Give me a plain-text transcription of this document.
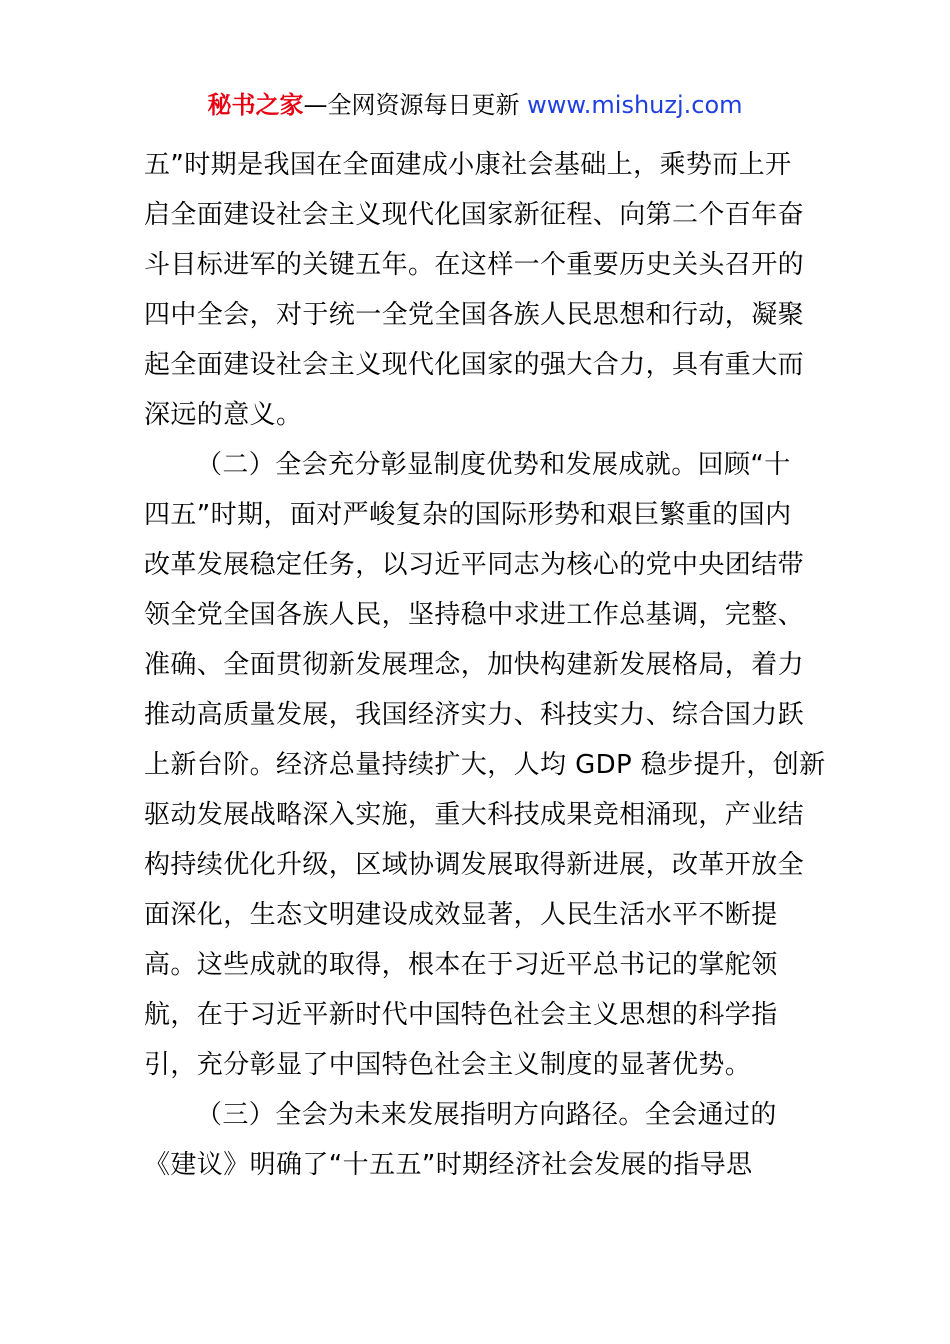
秘书之家—全网资源每日更新 www.mishuzj.com
五”时期是我国在全面建成小康社会基础上，乘势而上开
启全面建设社会主义现代化国家新征程、向第二个百年奋
斗目标进军的关键五年。在这样一个重要历史关头召开的
四中全会，对于统一全党全国各族人民思想和行动，凝聚
起全面建设社会主义现代化国家的强大合力，具有重大而
深远的意义。
（二）全会充分彰显制度优势和发展成就。回顾“十
四五”时期，面对严峻复杂的国际形势和艰巨繁重的国内
改革发展稳定任务，以习近平同志为核心的党中央团结带
领全党全国各族人民，坚持稳中求进工作总基调，完整、
准确、全面贯彻新发展理念，加快构建新发展格局，着力
推动高质量发展，我国经济实力、科技实力、综合国力跃
上新台阶。经济总量持续扩大，人均 GDP 稳步提升，创新
驱动发展战略深入实施，重大科技成果竞相涌现，产业结
构持续优化升级，区域协调发展取得新进展，改革开放全
面深化，生态文明建设成效显著，人民生活水平不断提
高。这些成就的取得，根本在于习近平总书记的掌舵领
航，在于习近平新时代中国特色社会主义思想的科学指
引，充分彰显了中国特色社会主义制度的显著优势。
（三）全会为未来发展指明方向路径。全会通过的
《建议》明确了“十五五”时期经济社会发展的指导思
